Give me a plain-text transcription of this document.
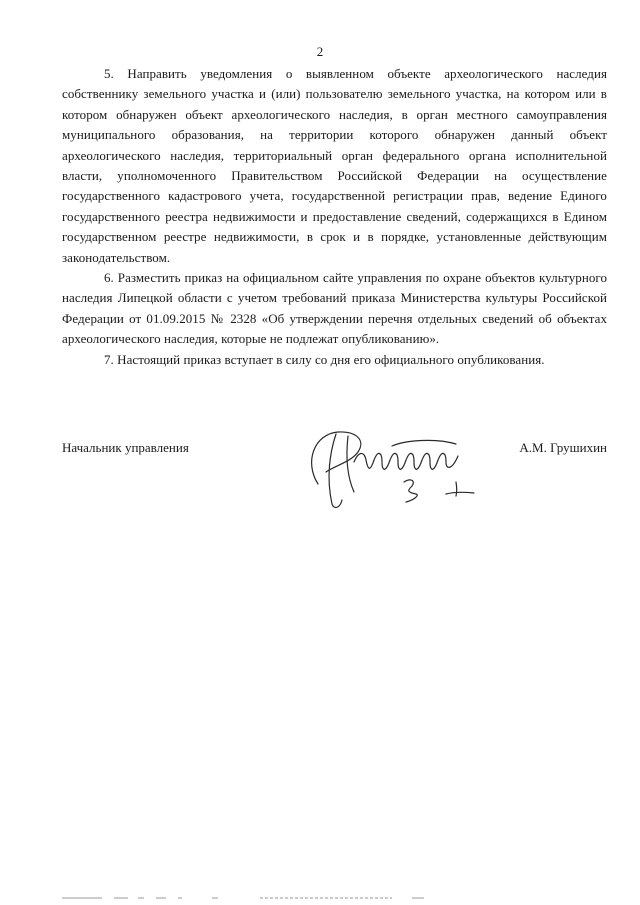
2

5. Направить уведомления о выявленном объекте археологического наследия собственнику земельного участка и (или) пользователю земельного участка, на котором или в котором обнаружен объект археологического наследия, в орган местного самоуправления муниципального образования, на территории которого обнаружен данный объект археологического наследия, территориальный орган федерального органа исполнительной власти, уполномоченного Правительством Российской Федерации на осуществление государственного кадастрового учета, государственной регистрации прав, ведение Единого государственного реестра недвижимости и предоставление сведений, содержащихся в Едином государственном реестре недвижимости, в срок и в порядке, установленные действующим законодательством.

6. Разместить приказ на официальном сайте управления по охране объектов культурного наследия Липецкой области с учетом требований приказа Министерства культуры Российской Федерации от 01.09.2015 № 2328 «Об утверждении перечня отдельных сведений об объектах археологического наследия, которые не подлежат опубликованию».

7. Настоящий приказ вступает в силу со дня его официального опубликования.

Начальник управления	А.М. Грушихин
